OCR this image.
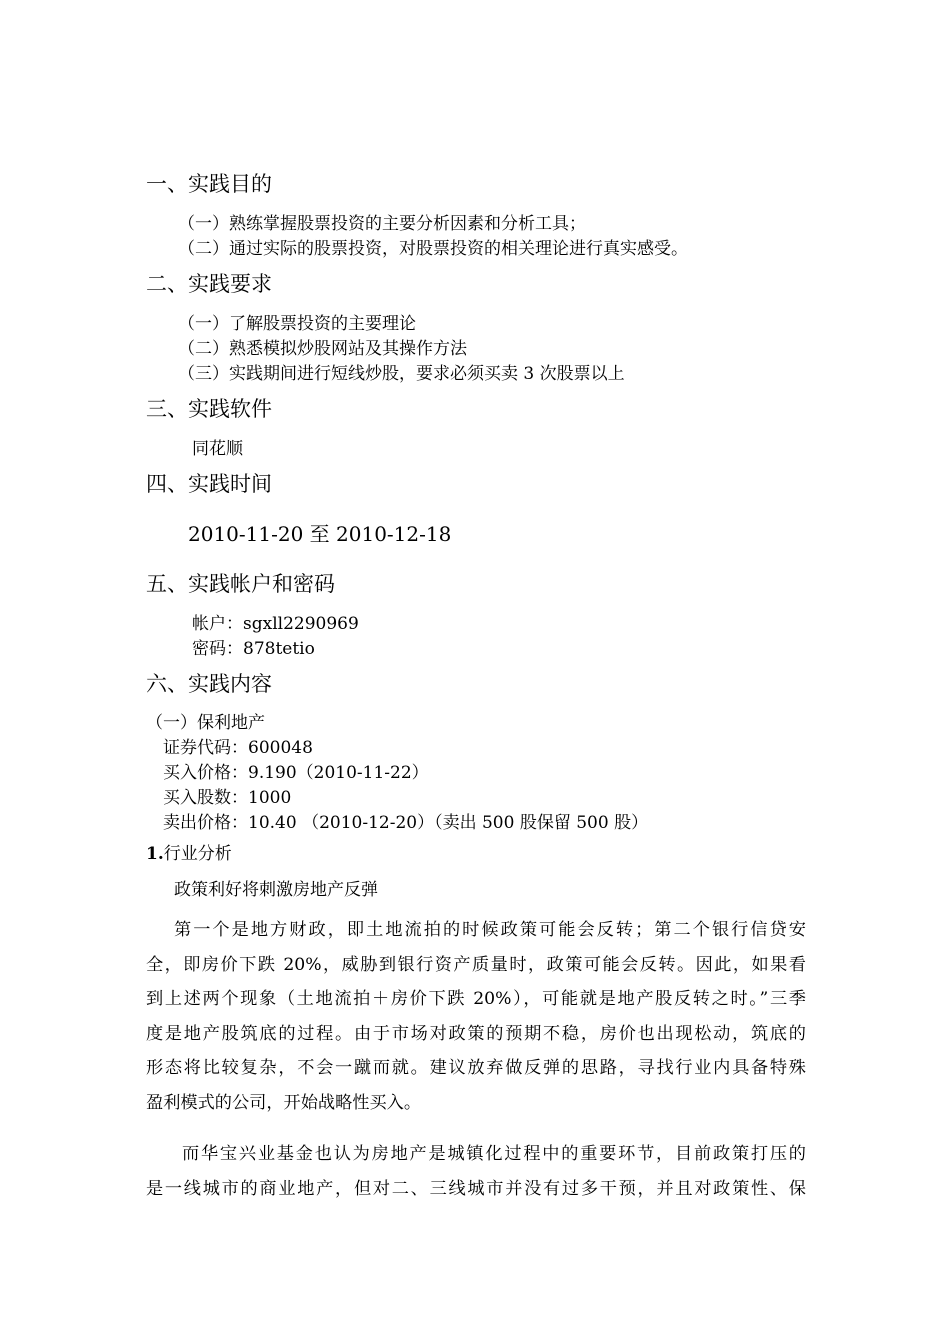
一、实践目的
（一）熟练掌握股票投资的主要分析因素和分析工具；
（二）通过实际的股票投资，对股票投资的相关理论进行真实感受。
二、实践要求
（一）了解股票投资的主要理论
（二）熟悉模拟炒股网站及其操作方法
（三）实践期间进行短线炒股，要求必须买卖 3 次股票以上
三、实践软件
同花顺
四、实践时间
2010-11-20 至 2010-12-18
五、实践帐户和密码
帐户：sgxll2290969
密码：878tetio
六、实践内容
（一）保利地产
证券代码：600048
买入价格：9.190（2010-11-22）
买入股数：1000
卖出价格：10.40 （2010-12-20）（卖出 500 股保留 500 股）
1.行业分析
政策利好将刺激房地产反弹
第一个是地方财政，即土地流拍的时候政策可能会反转；第二个银行信贷安
全，即房价下跌 20%，威胁到银行资产质量时，政策可能会反转。因此，如果看
到上述两个现象（土地流拍＋房价下跌 20%），可能就是地产股反转之时。”三季
度是地产股筑底的过程。由于市场对政策的预期不稳，房价也出现松动，筑底的
形态将比较复杂，不会一蹴而就。建议放弃做反弹的思路，寻找行业内具备特殊
盈利模式的公司，开始战略性买入。
而华宝兴业基金也认为房地产是城镇化过程中的重要环节，目前政策打压的
是一线城市的商业地产，但对二、三线城市并没有过多干预，并且对政策性、保
